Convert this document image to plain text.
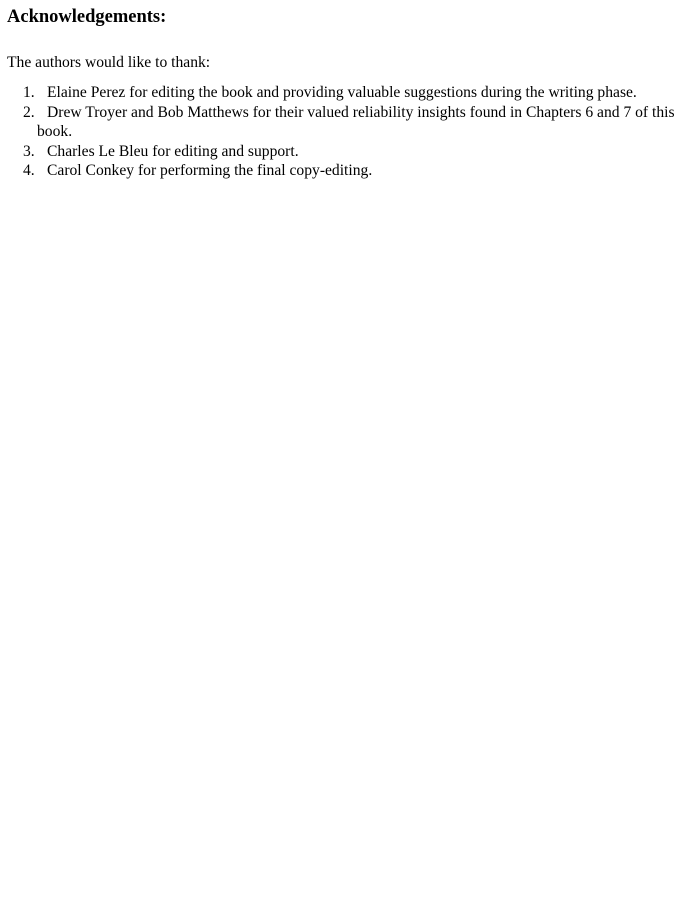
Acknowledgements:

The authors would like to thank:

1. Elaine Perez for editing the book and providing valuable suggestions during the writing phase.
2. Drew Troyer and Bob Matthews for their valued reliability insights found in Chapters 6 and 7 of this book.
3. Charles Le Bleu for editing and support.
4. Carol Conkey for performing the final copy-editing.
